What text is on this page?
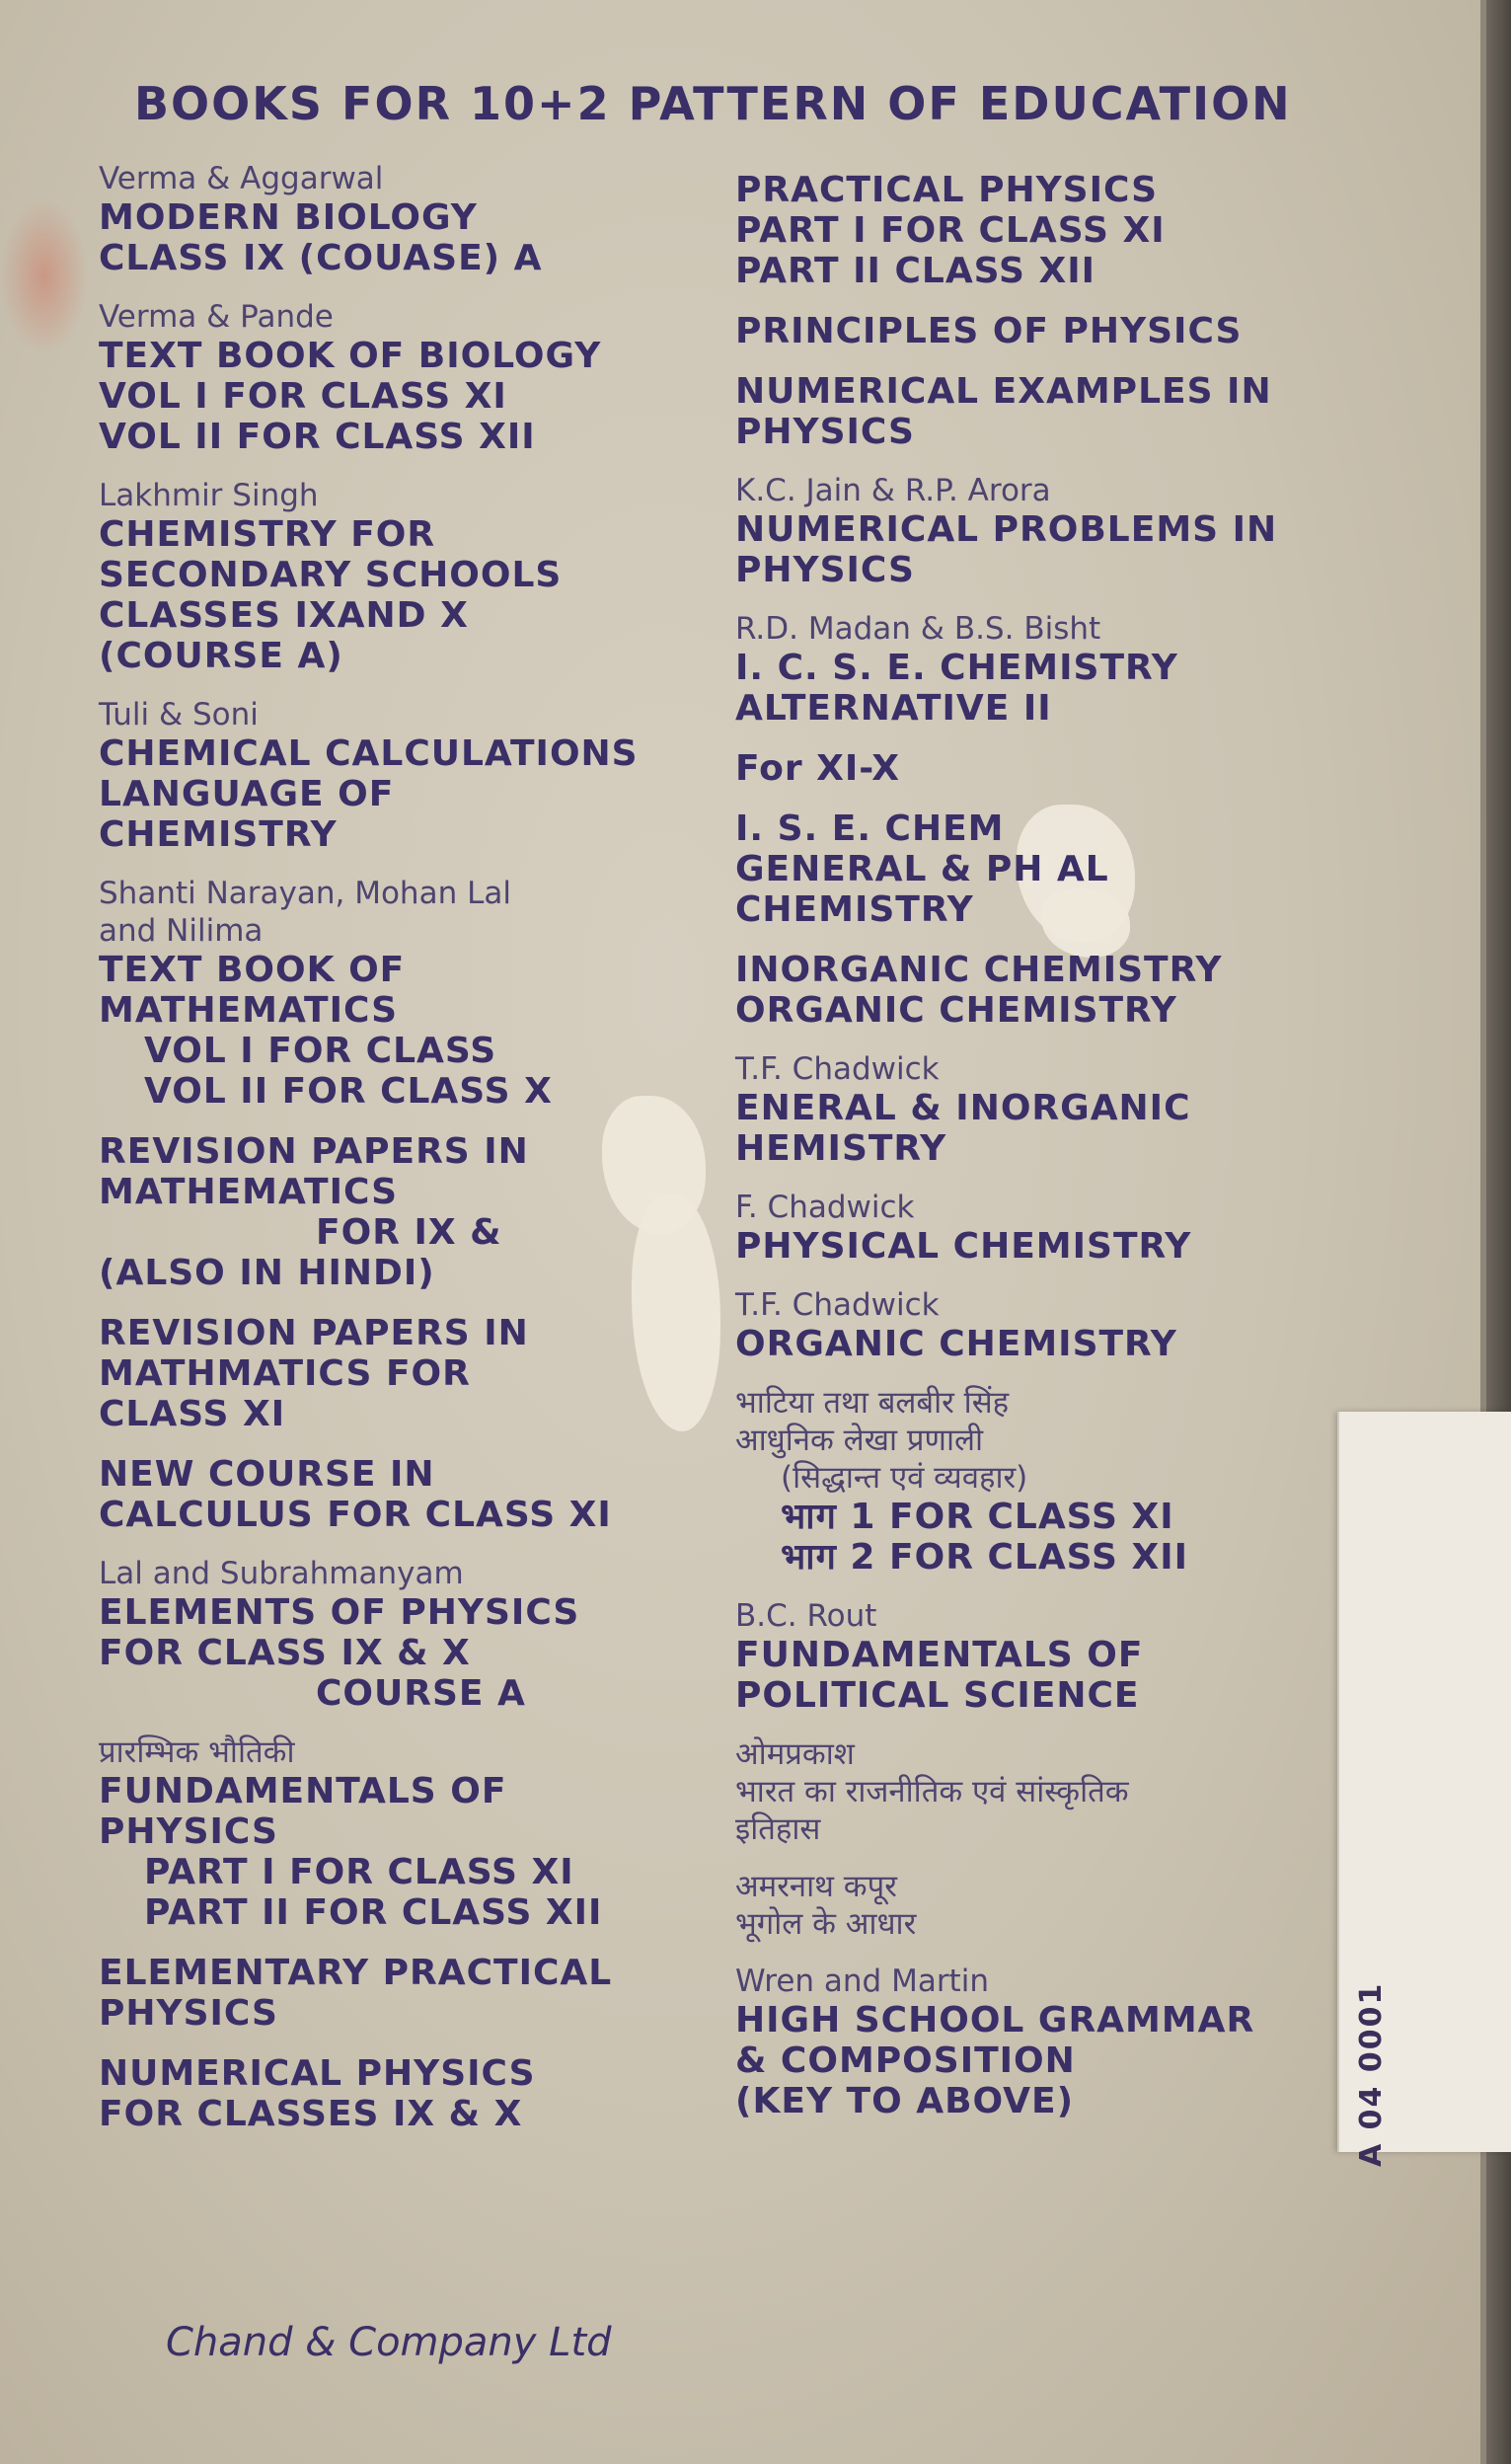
A 04 0001
BOOKS FOR 10+2 PATTERN OF EDUCATION
Verma & Aggarwal
MODERN BIOLOGY
CLASS IX (COUASE) A
Verma & Pande
TEXT BOOK OF BIOLOGY
VOL I FOR CLASS XI
VOL II FOR CLASS XII
Lakhmir Singh
CHEMISTRY FOR
SECONDARY SCHOOLS
CLASSES IXAND X
(COURSE A)
Tuli & Soni
CHEMICAL CALCULATIONS
LANGUAGE OF
CHEMISTRY
Shanti Narayan, Mohan Lal
and Nilima
TEXT BOOK OF
MATHEMATICS
VOL I FOR CLASS
VOL II FOR CLASS X
REVISION PAPERS IN
MATHEMATICS
FOR IX &
(ALSO IN HINDI)
REVISION PAPERS IN
MATHMATICS FOR
CLASS XI
NEW COURSE IN
CALCULUS FOR CLASS XI
Lal and Subrahmanyam
ELEMENTS OF PHYSICS
FOR CLASS IX & X
COURSE A
प्रारम्भिक भौतिकी
FUNDAMENTALS OF
PHYSICS
PART I FOR CLASS XI
PART II FOR CLASS XII
ELEMENTARY PRACTICAL
PHYSICS
NUMERICAL PHYSICS
FOR CLASSES IX & X
PRACTICAL PHYSICS
PART I FOR CLASS XI
PART II CLASS XII
PRINCIPLES OF PHYSICS
NUMERICAL EXAMPLES IN
PHYSICS
K.C. Jain & R.P. Arora
NUMERICAL PROBLEMS IN
PHYSICS
R.D. Madan & B.S. Bisht
I. C. S. E. CHEMISTRY
ALTERNATIVE II
For XI-X
I. S. E. CHEM
GENERAL & PH AL
CHEMISTRY
INORGANIC CHEMISTRY
ORGANIC CHEMISTRY
T.F. Chadwick
ENERAL & INORGANIC
HEMISTRY
F. Chadwick
PHYSICAL CHEMISTRY
T.F. Chadwick
ORGANIC CHEMISTRY
भाटिया तथा बलबीर सिंह
आधुनिक लेखा प्रणाली
(सिद्धान्त एवं व्यवहार)
भाग 1 FOR CLASS XI
भाग 2 FOR CLASS XII
B.C. Rout
FUNDAMENTALS OF
POLITICAL SCIENCE
ओमप्रकाश
भारत का राजनीतिक एवं सांस्कृतिक
इतिहास
अमरनाथ कपूर
भूगोल के आधार
Wren and Martin
HIGH SCHOOL GRAMMAR
& COMPOSITION
(KEY TO ABOVE)
Chand & Company Ltd
